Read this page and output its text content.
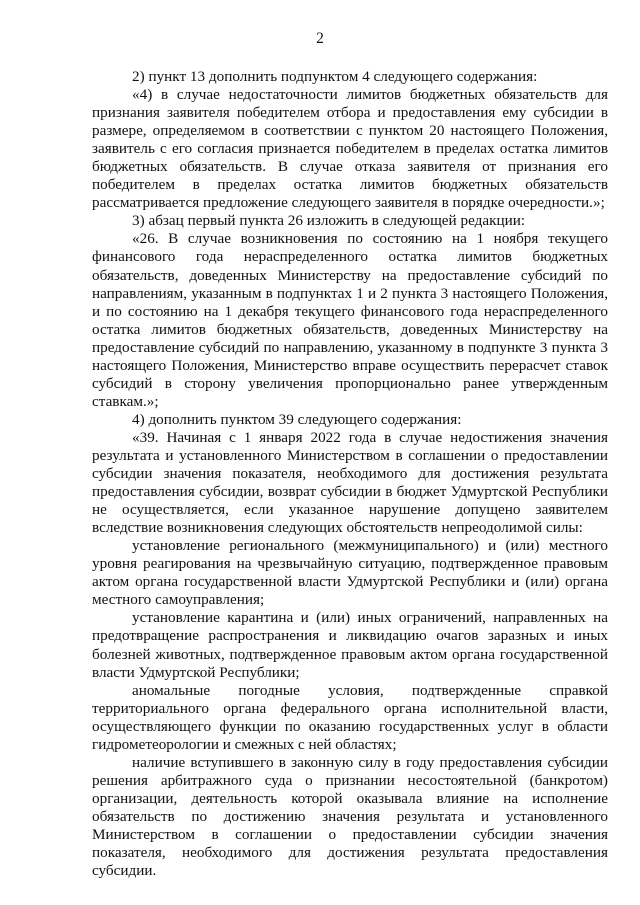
2

2) пункт 13 дополнить подпунктом 4 следующего содержания:

«4) в случае недостаточности лимитов бюджетных обязательств для признания заявителя победителем отбора и предоставления ему субсидии в размере, определяемом в соответствии с пунктом 20 настоящего Положения, заявитель с его согласия признается победителем в пределах остатка лимитов бюджетных обязательств. В случае отказа заявителя от признания его победителем в пределах остатка лимитов бюджетных обязательств рассматривается предложение следующего заявителя в порядке очередности.»;

3) абзац первый пункта 26 изложить в следующей редакции:

«26. В случае возникновения по состоянию на 1 ноября текущего финансового года нераспределенного остатка лимитов бюджетных обязательств, доведенных Министерству на предоставление субсидий по направлениям, указанным в подпунктах 1 и 2 пункта 3 настоящего Положения, и по состоянию на 1 декабря текущего финансового года нераспределенного остатка лимитов бюджетных обязательств, доведенных Министерству на предоставление субсидий по направлению, указанному в подпункте 3 пункта 3 настоящего Положения, Министерство вправе осуществить перерасчет ставок субсидий в сторону увеличения пропорционально ранее утвержденным ставкам.»;

4) дополнить пунктом 39 следующего содержания:

«39. Начиная с 1 января 2022 года в случае недостижения значения результата и установленного Министерством в соглашении о предоставлении субсидии значения показателя, необходимого для достижения результата предоставления субсидии, возврат субсидии в бюджет Удмуртской Республики не осуществляется, если указанное нарушение допущено заявителем вследствие возникновения следующих обстоятельств непреодолимой силы:

установление регионального (межмуниципального) и (или) местного уровня реагирования на чрезвычайную ситуацию, подтвержденное правовым актом органа государственной власти Удмуртской Республики и (или) органа местного самоуправления;

установление карантина и (или) иных ограничений, направленных на предотвращение распространения и ликвидацию очагов заразных и иных болезней животных, подтвержденное правовым актом органа государственной власти Удмуртской Республики;

аномальные погодные условия, подтвержденные справкой территориального органа федерального органа исполнительной власти, осуществляющего функции по оказанию государственных услуг в области гидрометеорологии и смежных с ней областях;

наличие вступившего в законную силу в году предоставления субсидии решения арбитражного суда о признании несостоятельной (банкротом) организации, деятельность которой оказывала влияние на исполнение обязательств по достижению значения результата и установленного Министерством в соглашении о предоставлении субсидии значения показателя, необходимого для достижения результата предоставления субсидии.
